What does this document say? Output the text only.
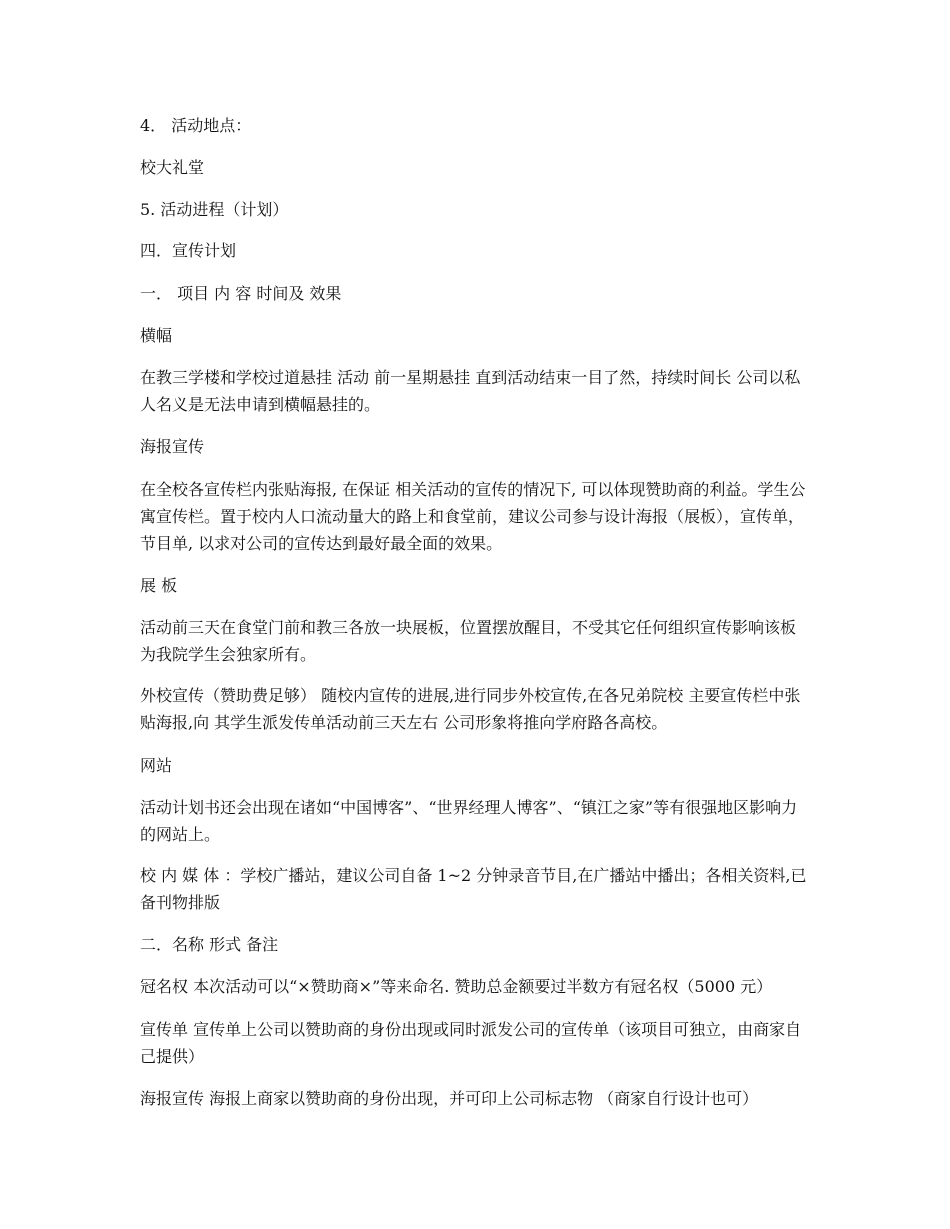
4． 活动地点：

校大礼堂

5. 活动进程（计划）

四．宣传计划

一． 项目 内 容 时间及 效果

横幅

在教三学楼和学校过道悬挂 活动 前一星期悬挂 直到活动结束一目了然，持续时间长 公司以私人名义是无法申请到横幅悬挂的。

海报宣传

在全校各宣传栏内张贴海报, 在保证 相关活动的宣传的情况下, 可以体现赞助商的利益。学生公寓宣传栏。置于校内人口流动量大的路上和食堂前，建议公司参与设计海报（展板），宣传单，节目单, 以求对公司的宣传达到最好最全面的效果。

展 板

活动前三天在食堂门前和教三各放一块展板，位置摆放醒目，不受其它任何组织宣传影响该板为我院学生会独家所有。

外校宣传（赞助费足够） 随校内宣传的进展,进行同步外校宣传,在各兄弟院校 主要宣传栏中张贴海报,向 其学生派发传单活动前三天左右 公司形象将推向学府路各高校。

网站

活动计划书还会出现在诸如“中国博客”、“世界经理人博客”、“镇江之家”等有很强地区影响力的网站上。

校 内 媒 体 ：学校广播站，建议公司自备 1~2 分钟录音节目,在广播站中播出；各相关资料,已备刊物排版

二．名称 形式 备注

冠名权 本次活动可以“×赞助商×”等来命名. 赞助总金额要过半数方有冠名权（5000 元）

宣传单 宣传单上公司以赞助商的身份出现或同时派发公司的宣传单（该项目可独立，由商家自己提供）

海报宣传 海报上商家以赞助商的身份出现，并可印上公司标志物 （商家自行设计也可）
